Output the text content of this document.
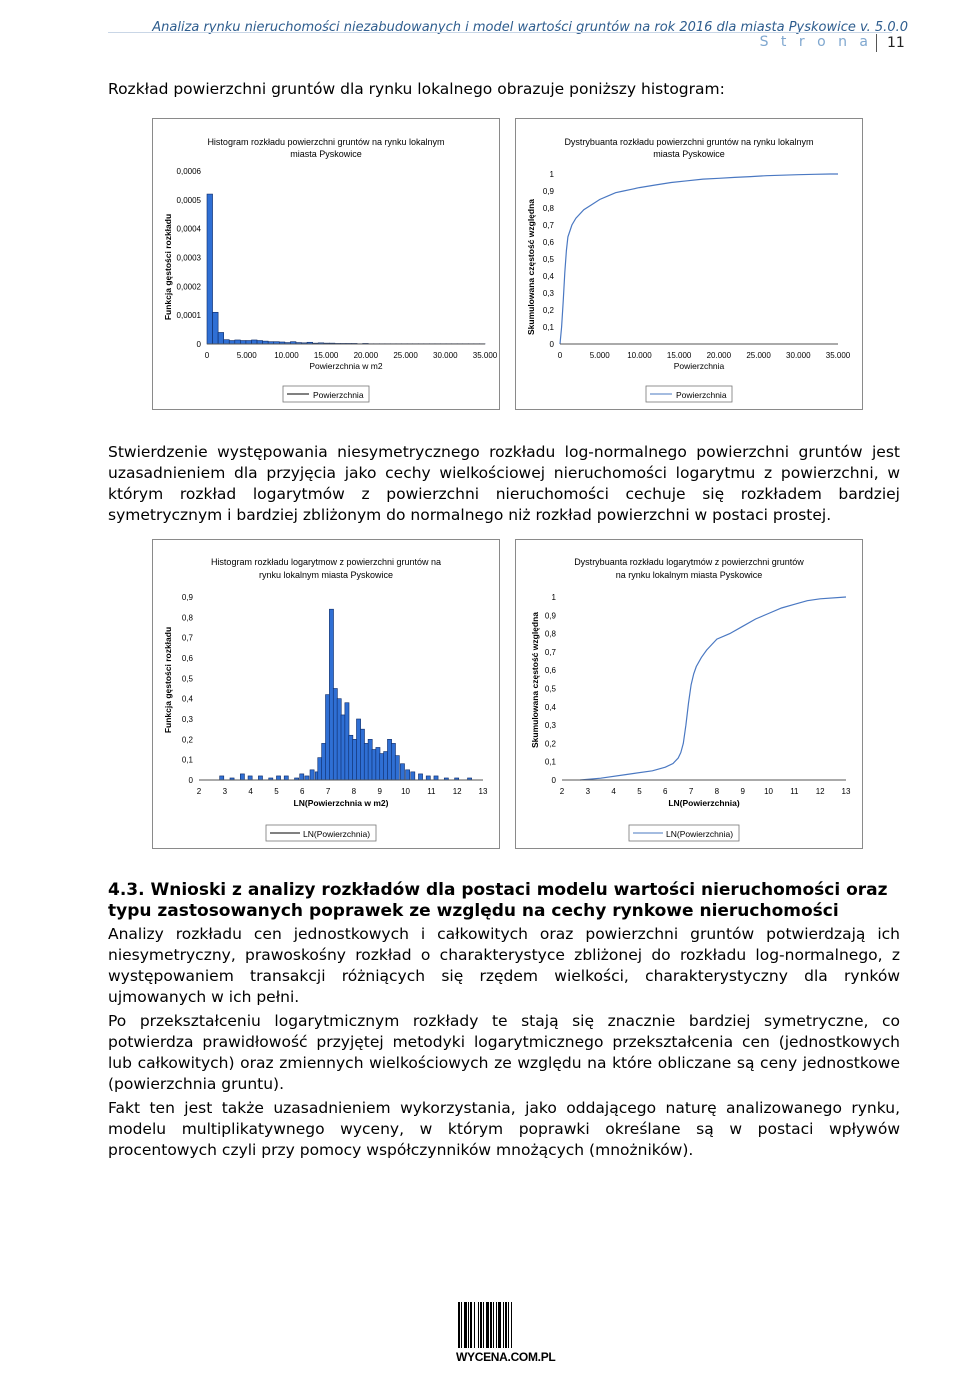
Analiza rynku nieruchomości niezabudowanych i model wartości gruntów na rok 2016 dla miasta Pyskowice v. 5.0.0
S t r o n a	11
Rozkład powierzchni gruntów dla rynku lokalnego obrazuje poniższy histogram:
Histogram rozkładu powierzchni gruntów na rynku lokalnym
miasta Pyskowice
Funkcja gęstości rozkładu
0
0,0001
0,0002
0,0003
0,0004
0,0005
0,0006
0	5.000 10.000 15.000 20.000 25.000 30.000 35.000
Powierzchnia w m2
Powierzchnia
Dystrybuanta rozkładu powierzchni gruntów na rynku lokalnym
miasta Pyskowice
Skumulowana częstość względna
0
0,1
0,2
0,3
0,4
0,5
0,6
0,7
0,8
0,9
1
0	5.000 10.000 15.000 20.000 25.000 30.000 35.000
Powierzchnia
Powierzchnia

Stwierdzenie występowania niesymetrycznego rozkładu log-normalnego powierzchni gruntów jest uzasadnieniem dla przyjęcia jako cechy wielkościowej nieruchomości logarytmu z powierzchni, w którym rozkład logarytmów z powierzchni nieruchomości cechuje się rozkładem bardziej symetrycznym i bardziej zbliżonym do normalnego niż rozkład powierzchni w postaci prostej.

Histogram rozkładu logarytmow z powierzchni gruntów na
rynku lokalnym miasta Pyskowice
Funkcja gęstości rozkładu
0
0,1
0,2
0,3
0,4
0,5
0,6
0,7
0,8
0,9
2	3	4	5	6	7	8	9 10 11 12 13
LN(Powierzchnia w m2)
LN(Powierzchnia)
Dystrybuanta rozkładu logarytmów z powierzchni gruntów
na rynku lokalnym miasta Pyskowice
Skumulowana częstość względna
0
0,1
0,2
0,3
0,4
0,5
0,6
0,7
0,8
0,9
1
2	3	4	5	6	7	8	9 10 11 12 13
LN(Powierzchnia)
LN(Powierzchnia)
4.3. Wnioski z analizy rozkładów dla postaci modelu wartości nieruchomości oraz typu zastosowanych poprawek ze względu na cechy rynkowe nieruchomości

Analizy rozkładu cen jednostkowych i całkowitych oraz powierzchni gruntów potwierdzają ich niesymetryczny, prawoskośny rozkład o charakterystyce zbliżonej do rozkładu log-normalnego, z występowaniem transakcji różniących się rzędem wielkości, charakterystyczny dla rynków ujmowanych w ich pełni.

Po przekształceniu logarytmicznym rozkłady te stają się znacznie bardziej symetryczne, co potwierdza prawidłowość przyjętej metodyki logarytmicznego przekształcenia cen (jednostkowych lub całkowitych) oraz zmiennych wielkościowych ze względu na które obliczane są ceny jednostkowe (powierzchnia gruntu).

Fakt ten jest także uzasadnieniem wykorzystania, jako oddającego naturę analizowanego rynku, modelu multiplikatywnego wyceny, w którym poprawki określane są w postaci wpływów procentowych czyli przy pomocy współczynników mnożących (mnożników).

WYCENA.COM.PL
